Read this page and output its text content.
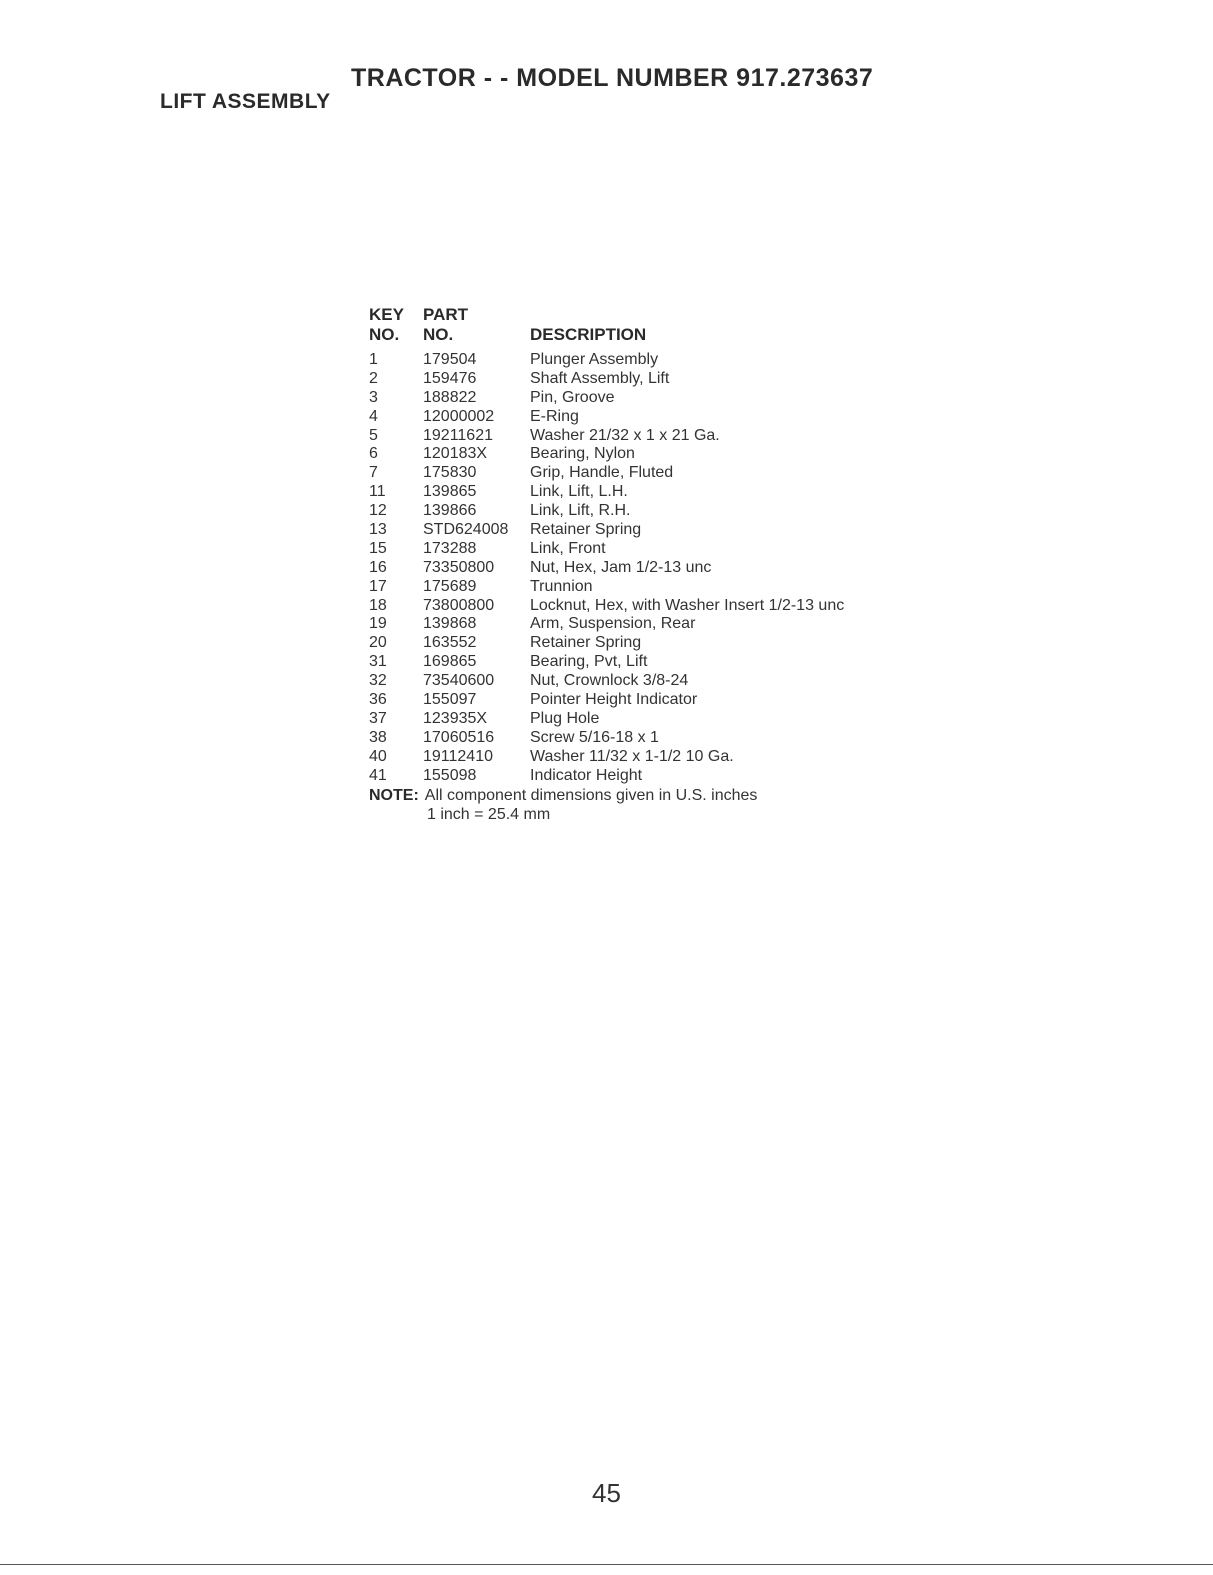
TRACTOR - - MODEL NUMBER 917.273637
LIFT ASSEMBLY
KEY PART
NO. NO.	DESCRIPTION
1	179504	Plunger Assembly
2	159476	Shaft Assembly, Lift
3	188822	Pin, Groove
4	12000002 E-Ring
5	19211621 Washer 21/32 x 1 x 21 Ga.
6	120183X	Bearing, Nylon
7	175830	Grip, Handle, Fluted
11 139865	Link, Lift, L.H.
12 139866	Link, Lift, R.H.
13 STD624008 Retainer Spring
15 173288	Link, Front
16 73350800 Nut, Hex, Jam 1/2-13 unc
17 175689	Trunnion
18 73800800 Locknut, Hex, with Washer Insert 1/2-13 unc
19 139868	Arm, Suspension, Rear
20 163552	Retainer Spring
31 169865	Bearing, Pvt, Lift
32 73540600 Nut, Crownlock 3/8-24
36 155097	Pointer Height Indicator
37 123935X	Plug Hole
38 17060516 Screw 5/16-18 x 1
40 19112410 Washer 11/32 x 1-1/2 10 Ga.
41 155098	Indicator Height
NOTE: All component dimensions given in U.S. inches
1 inch = 25.4 mm
45
